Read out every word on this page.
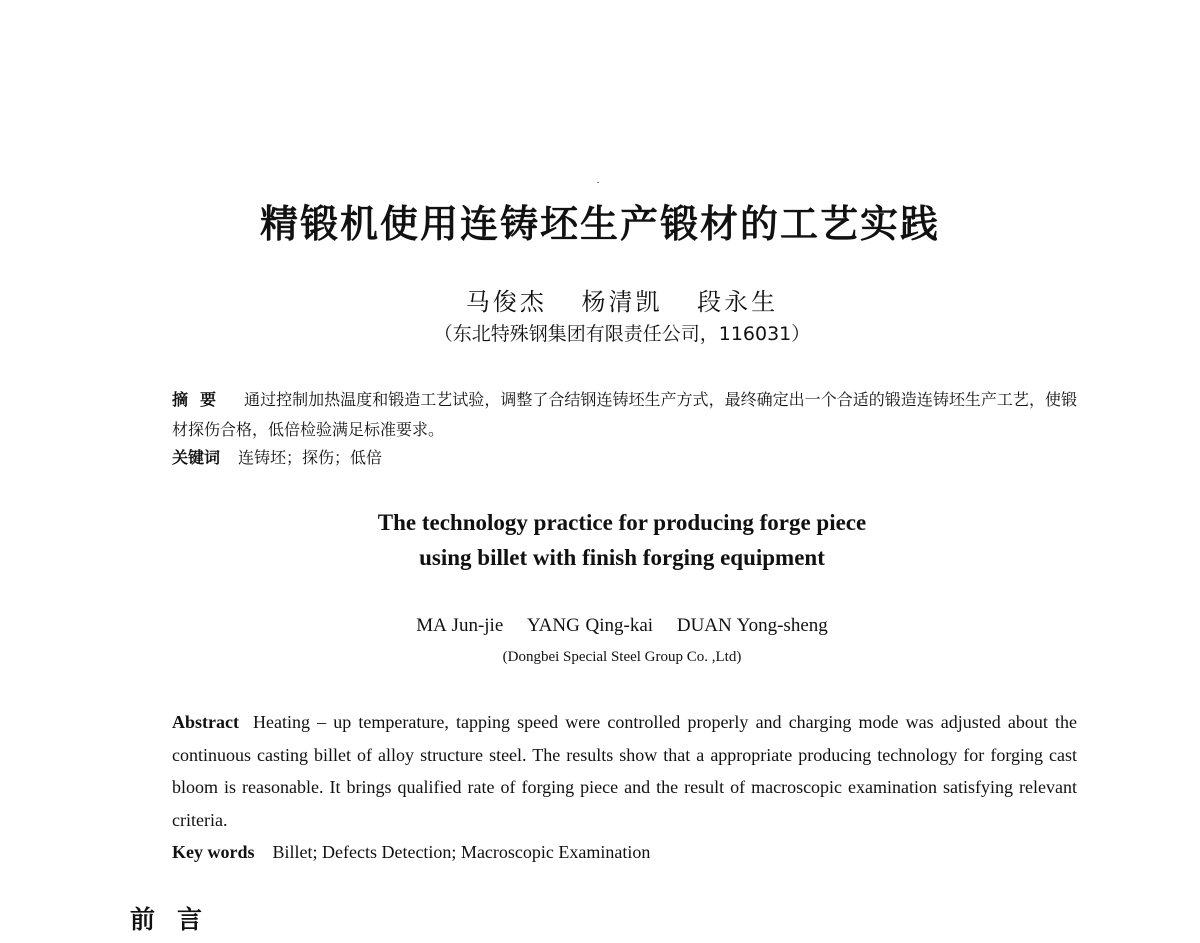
精锻机使用连铸坯生产锻材的工艺实践
马俊杰 杨清凯 段永生
（东北特殊钢集团有限责任公司，116031）
摘要 通过控制加热温度和锻造工艺试验，调整了合结钢连铸坯生产方式，最终确定出一个合适的锻造连铸坯生产工艺，使锻材探伤合格，低倍检验满足标准要求。
关键词 连铸坯；探伤；低倍
The technology practice for producing forge piece
using billet with finish forging equipment
MA Jun-jie YANG Qing-kai DUAN Yong-sheng
(Dongbei Special Steel Group Co. ,Ltd)
Abstract Heating – up temperature, tapping speed were controlled properly and charging mode was adjusted about the continuous casting billet of alloy structure steel. The results show that a appropriate producing technology for forging cast bloom is reasonable. It brings qualified rate of forging piece and the result of macroscopic examination satisfying relevant criteria.
Key words Billet; Defects Detection; Macroscopic Examination
前言
